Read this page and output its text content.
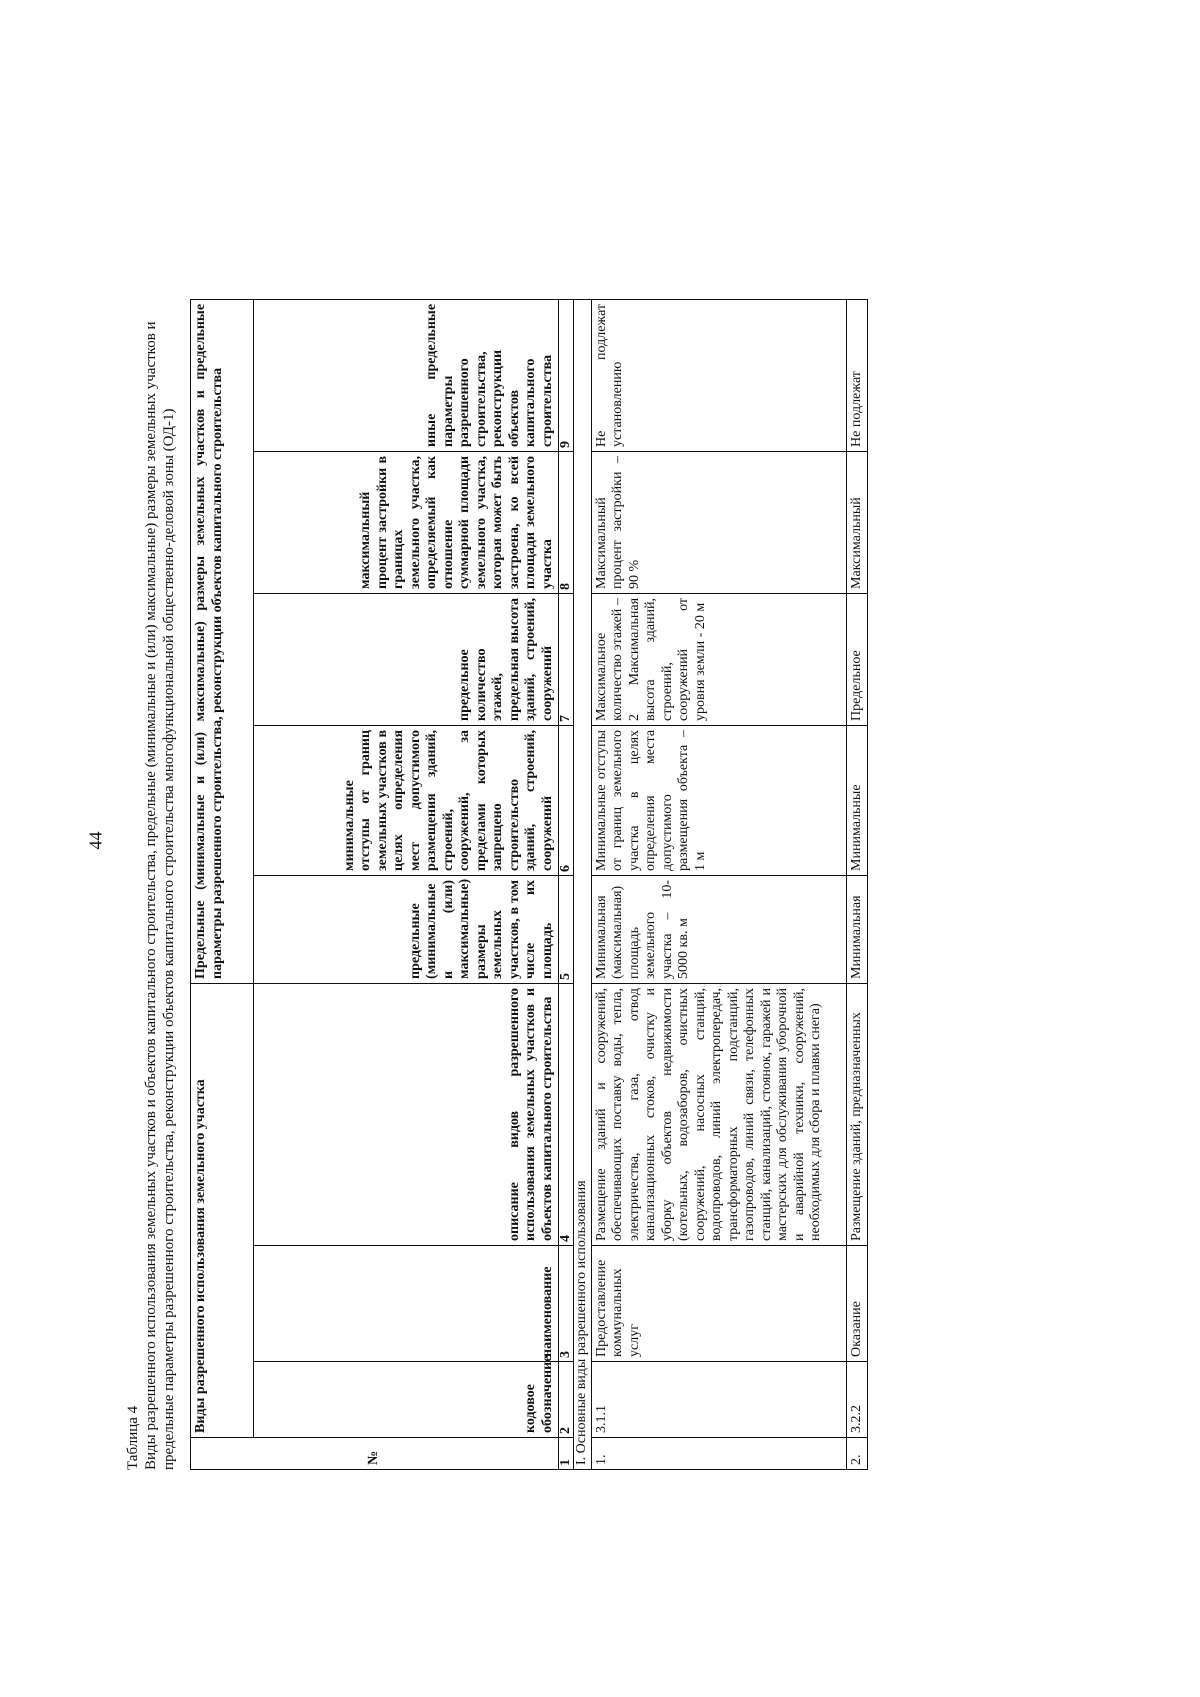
44
Таблица 4 Виды разрешенного использования земельных участков и объектов капитального строительства, предельные (минимальные и (или) максимальные) размеры земельных участков и предельные параметры разрешенного строительства, реконструкции объектов капитального строительства многофункциональной общественно-деловой зоны (ОД-1)	№	Виды разрешенного использования земельного участка			Предельные (минимальные и (или) максимальные) размеры земельных участков и предельные параметры разрешенного строительства, реконструкции объектов капитального строительства				
	кодовое обозначение	наименование	описание видов разрешенного использования земельных участков и объектов капитального строительства	предельные (минимальные и (или) максимальные) размеры земельных участков, в том числе их площадь	минимальные отступы от границ земельных участков в целях определения мест допустимого размещения зданий, строений, сооружений, за пределами которых запрещено строительство зданий, строений, сооружений	предельное количество этажей, предельная высота зданий, строений, сооружений	максимальный процент застройки в границах земельного участка, определяемый как отношение суммарной площади земельного участка, которая может быть застроена, ко всей площади земельного участка	иные предельные параметры разрешенного строительства, реконструкции объектов капитального строительства
1	2	3	4	5	6	7	8	9
I. Основные виды разрешенного использования								
1.	3.1.1	Предоставление коммунальных услуг	Размещение зданий и сооружений, обеспечивающих поставку воды, тепла, электричества, газа, отвод канализационных стоков, очистку и уборку объектов недвижимости (котельных, водозаборов, очистных сооружений, насосных станций, водопроводов, линий электропередач, трансформаторных подстанций, газопроводов, линий связи, телефонных станций, канализаций, стоянок, гаражей и мастерских для обслуживания уборочной и аварийной техники, сооружений, необходимых для сбора и плавки снега)	Минимальная (максимальная) площадь земельного участка – 10-5000 кв. м	Минимальные отступы от границ земельного участка в целях определения места допустимого размещения объекта – 1 м	Максимальное количество этажей – 2 Максимальная высота зданий, строений, сооружений от уровня земли - 20 м	Максимальный процент застройки – 90 %	Не подлежат установлению
2.	3.2.2	Оказание	Размещение зданий, предназначенных	Минимальная	Минимальные	Предельное	Максимальный	Не подлежат
